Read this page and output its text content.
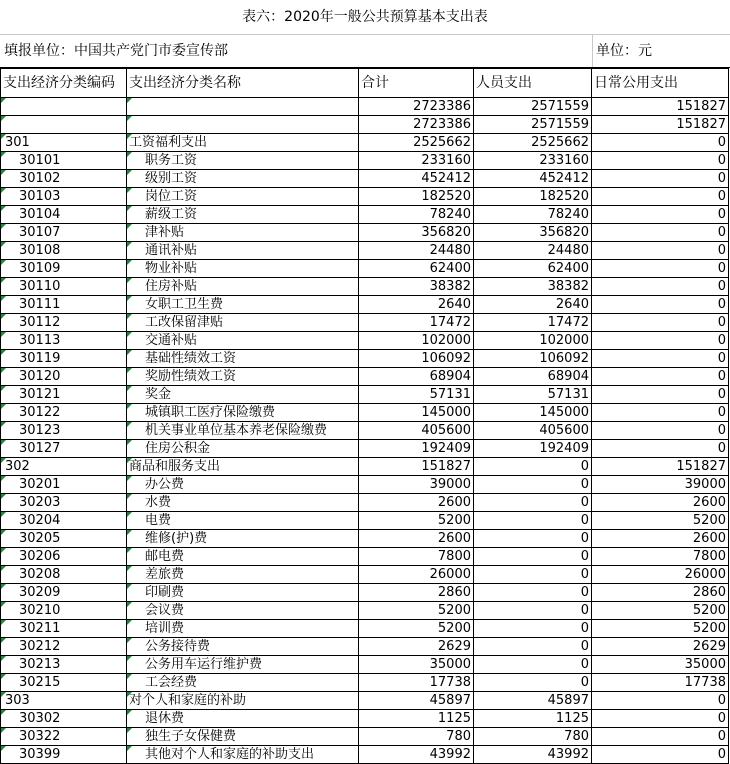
表六：2020年一般公共预算基本支出表
填报单位：中国共产党门市委宣传部	单位：元
支出经济分类编码	支出经济分类名称	合计	人员支出	日常公用支出
		2723386	2571559	151827
		2723386	2571559	151827
301	工资福利支出	2525662	2525662	0
30101	职务工资	233160	233160	0
30102	级别工资	452412	452412	0
30103	岗位工资	182520	182520	0
30104	薪级工资	78240	78240	0
30107	津补贴	356820	356820	0
30108	通讯补贴	24480	24480	0
30109	物业补贴	62400	62400	0
30110	住房补贴	38382	38382	0
30111	女职工卫生费	2640	2640	0
30112	工改保留津贴	17472	17472	0
30113	交通补贴	102000	102000	0
30119	基础性绩效工资	106092	106092	0
30120	奖励性绩效工资	68904	68904	0
30121	奖金	57131	57131	0
30122	城镇职工医疗保险缴费	145000	145000	0
30123	机关事业单位基本养老保险缴费	405600	405600	0
30127	住房公积金	192409	192409	0
302	商品和服务支出	151827	0	151827
30201	办公费	39000	0	39000
30203	水费	2600	0	2600
30204	电费	5200	0	5200
30205	维修(护)费	2600	0	2600
30206	邮电费	7800	0	7800
30208	差旅费	26000	0	26000
30209	印刷费	2860	0	2860
30210	会议费	5200	0	5200
30211	培训费	5200	0	5200
30212	公务接待费	2629	0	2629
30213	公务用车运行维护费	35000	0	35000
30215	工会经费	17738	0	17738
303	对个人和家庭的补助	45897	45897	0
30302	退休费	1125	1125	0
30322	独生子女保健费	780	780	0
30399	其他对个人和家庭的补助支出	43992	43992	0
